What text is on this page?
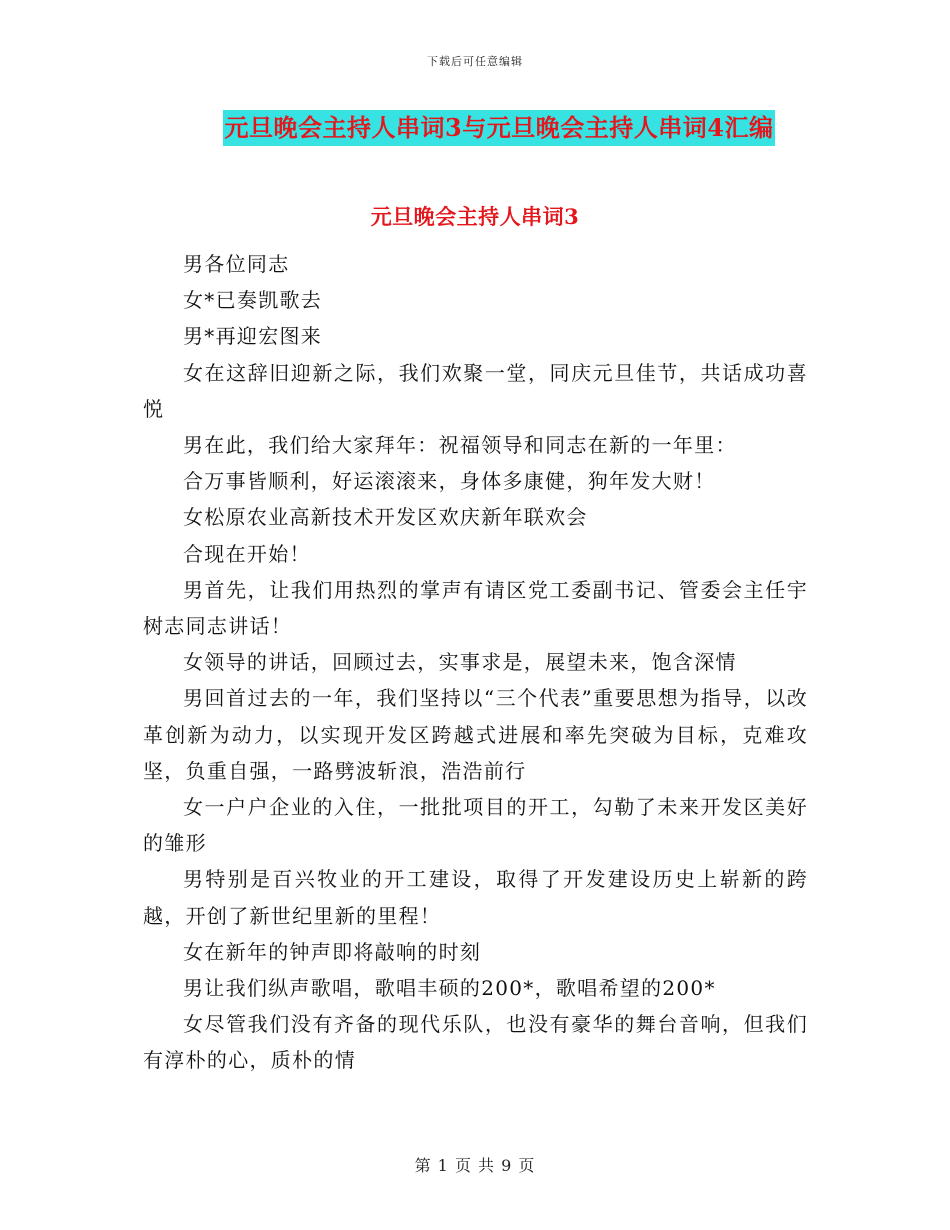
下载后可任意编辑
元旦晚会主持人串词3与元旦晚会主持人串词4汇编
元旦晚会主持人串词3

男各位同志

女*已奏凯歌去

男*再迎宏图来

女在这辞旧迎新之际，我们欢聚一堂，同庆元旦佳节，共话成功喜悦

男在此，我们给大家拜年：祝福领导和同志在新的一年里：

合万事皆顺利，好运滚滚来，身体多康健，狗年发大财！

女松原农业高新技术开发区欢庆新年联欢会

合现在开始！

男首先，让我们用热烈的掌声有请区党工委副书记、管委会主任宇树志同志讲话！

女领导的讲话，回顾过去，实事求是，展望未来，饱含深情

男回首过去的一年，我们坚持以“三个代表”重要思想为指导，以改革创新为动力，以实现开发区跨越式进展和率先突破为目标，克难攻坚，负重自强，一路劈波斩浪，浩浩前行

女一户户企业的入住，一批批项目的开工，勾勒了未来开发区美好的雏形

男特别是百兴牧业的开工建设，取得了开发建设历史上崭新的跨越，开创了新世纪里新的里程！

女在新年的钟声即将敲响的时刻

男让我们纵声歌唱，歌唱丰硕的200*，歌唱希望的200*

女尽管我们没有齐备的现代乐队，也没有豪华的舞台音响，但我们有淳朴的心，质朴的情

第 1 页 共 9 页
